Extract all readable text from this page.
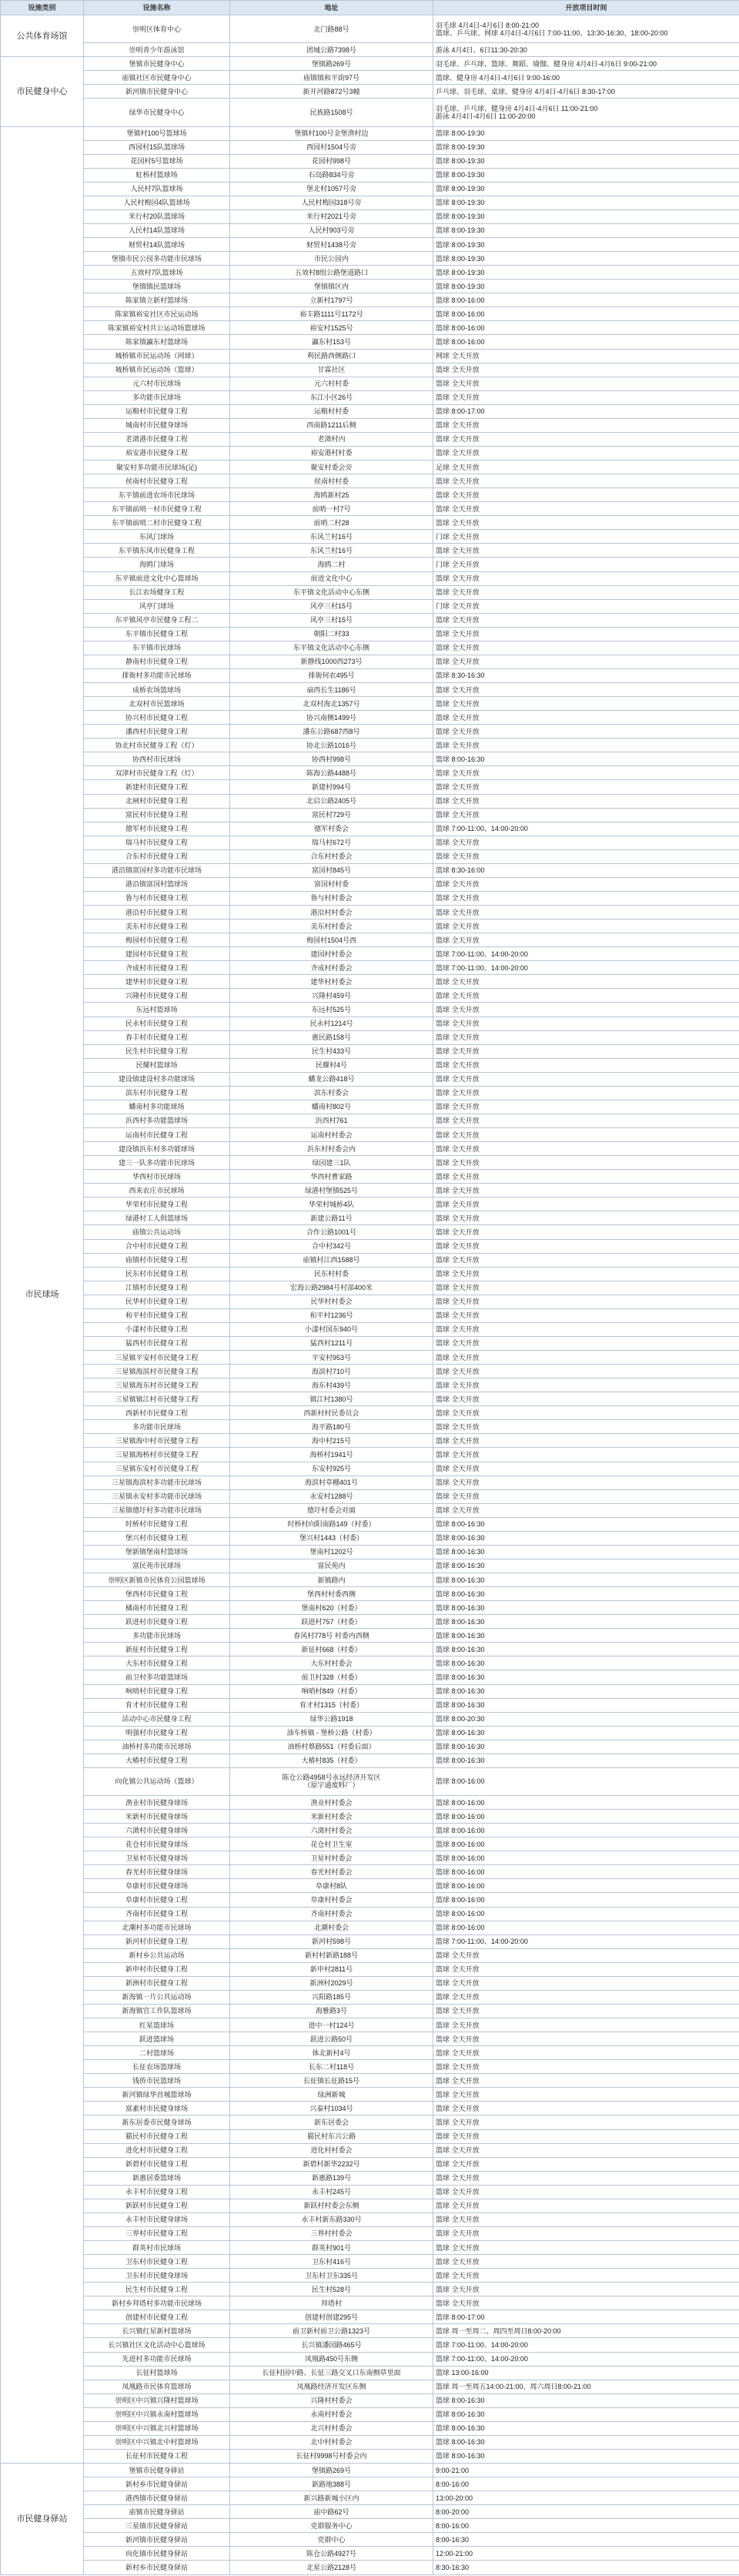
设施类别	设施名称	地址	开放项目时间
公共体育场馆	崇明区体育中心	北门路88号	羽毛球 4月4日-4月6日 8:00-21:00
篮球、乒乓球、网球 4月4日-4月6日 7:00-11:00、13:30-16:30、18:00-20:00
	崇明青少年游泳馆	团城公路7398号	游泳 4月4日、6日11:30-20:30
市民健身中心	堡镇市民健身中心	堡镇路269号	羽毛球、乒乓球、篮球、舞蹈、瑜伽、健身房 4月4日-4月6日 9:00-21:00
	庙镇社区市民健身中心	庙镇镇和平街97号	篮球、健身房 4月4日-4月6日 9:00-16:00
	新河镇市民健身中心	新开河路872号3幢	乒乓球、羽毛球、桌球、健身房 4月4日-4月6日 8:30-17:00
	绿华市民健身中心	民族路1508号	羽毛球、乒乓球、健身房 4月4日-4月6日 11:00-21:00
游泳 4月4日-4月6日 11:00-20:00
市民球场	堡镇村100号篮球场	堡镇村100号金堡渔村边	篮球 8:00-19:30
	西园村15队篮球场	西园村1504号旁	篮球 8:00-19:30
	花园村5号篮球场	花园村998号	篮球 8:00-19:30
	虹桥村篮球场	石岛路834号旁	篮球 8:00-19:30
	人民村7队篮球场	堡北村1057号旁	篮球 8:00-19:30
	人民村梅园4队篮球场	人民村梅园318号旁	篮球 8:00-19:30
	米行村20队篮球场	米行村2021号旁	篮球 8:00-19:30
	人民村14队篮球场	人民村903号旁	篮球 8:00-19:30
	财贸村14队篮球场	财贸村1438号旁	篮球 8:00-19:30
	堡镇市民公园多功能市民球场	市民公园内	篮球 8:00-19:30
	五效村7队篮球场	五效村8组公路堡道路口	篮球 8:00-19:30
	堡镇镇民篮球场	堡镇镇区内	篮球 8:00-19:30
	陈家镇立新村篮球场	立新村1797号	篮球 8:00-16:00
	陈家镇裕安社区市民运动场	裕丰路1111号1172号	篮球 8:00-16:00
	陈家镇裕安村共公运动场篮球场	裕安村1525号	篮球 8:00-16:00
	陈家镇瀛东村篮球场	瀛东村153号	篮球 8:00-16:00
	城桥镇市民运动场（网球）	利民路西侧路口	网球 全天开放
	城桥镇市民运动场（篮球）	甘霖社区	篮球 全天开放
	元六村市民球场	元六村村委	篮球 全天开放
	多功能市民球场	东江小区26号	篮球 全天开放
	运粮村市民健身工程	运粮村村委	篮球 8:00-17:00
	城南村市民健身球场	西南路1211后侧	篮球 全天开放
	老滧港市民健身工程	老滧村内	篮球 全天开放
	裕安港市民健身工程	裕安港村村委	篮球 全天开放
	聚安村多功能市民球场(足)	聚安村委会旁	足球 全天开放
	侯南村市民健身工程	侯南村村委	篮球 全天开放
	东平镇前进农场市民球场	海鸥新村25	篮球 全天开放
	东平镇前哨一村市民健身工程	前哨一村7号	篮球 全天开放
	东平镇前哨二村市民健身工程	前哨二村28	篮球 全天开放
	东风门球场	东风兰村16号	门球 全天开放
	东平镇东风市民健身工程	东风兰村16号	篮球 全天开放
	海鸥门球场	海鸥二村	门球 全天开放
	东平镇前进文化中心篮球场	前进文化中心	篮球 全天开放
	长江农场健身工程	东平镇文化活动中心东侧	篮球 全天开放
	风亭门球场	风亭三村15号	门球 全天开放
	东平镇风亭市民健身工程二	风亭三村15号	篮球 全天开放
	东平镇市民健身工程	朝阳二村33	篮球 全天开放
	东平镇市民球场	东平镇文化活动中心东侧	篮球 全天开放
	静南村市民健身工程	新静线1000西273号	篮球 全天开放
	排衙村多功能市民球场	排衙何农495号	篮球 8:30-16:30
	成桥农场篮球场	扇西长生1186号	篮球 全天开放
	北双村市民篮球场	北双村海北1357号	篮球 全天开放
	协兴村市民健身工程	协兴南侧1499号	篮球 全天开放
	潘西村市民健身工程	潘东公路687西8号	篮球 全天开放
	协北村市民健身工程（灯）	协北公路1016号	篮球 全天开放
	协西村市民球场	协西村998号	篮球 8:00-16:30
	双津村市民健身工程（灯）	陈海公路4488号	篮球 全天开放
	新建村市民健身工程	新建村994号	篮球 全天开放
	北闸村市民健身工程	北启公路2405号	篮球 全天开放
	富民村市民健身工程	富民村729号	篮球 全天开放
	德军村市民健身工程	德军村委会	篮球 7:00-11:00、14:00-20:00
	瑞马村市民健身工程	瑞马村672号	篮球 全天开放
	合东村市民健身工程	合东村村委会	篮球 全天开放
	港沿镇富国村多功能市民球场	富国村845号	篮球 8:30-16:00
	港沿镇富国村篮球场	富国村村委	篮球 全天开放
	鲁与村市民健身工程	鲁与村村委会	篮球 全天开放
	港沿村市民健身工程	港沿村村委会	篮球 全天开放
	美东村市民健身工程	美东村村委会	篮球 全天开放
	梅园村市民健身工程	梅园村1504号西	篮球 全天开放
	建园村市民健身工程	建园村村委会	篮球 7:00-11:00、14:00-20:00
	齐成村市民健身工程	齐成村村委会	篮球 7:00-11:00、14:00-20:00
	建华村市民健身工程	建华村村委会	篮球 全天开放
	兴隆村市民健身工程	兴隆村459号	篮球 全天开放
	东远村篮球场	东远村525号	篮球 全天开放
	民永村市民健身工程	民永村1214号	篮球 全天开放
	春丰村市民健身工程	惠民路158号	篮球 全天开放
	民生村市民健身工程	民生村433号	篮球 全天开放
	民耀村篮球场	民耀村4号	篮球 全天开放
	建设镇建设村多功能球场	蟠龙公路418号	篮球 全天开放
	滨东村市民健身工程	滨东村委会	篮球 全天开放
	蟠南村多功能球场	蟠南村802号	篮球 全天开放
	浜西村多功能篮球场	浜西村761	篮球 全天开放
	运南村市民健身工程	运南村村委会	篮球 全天开放
	建设镇浜东村多功能球场	浜东村村委会内	篮球 全天开放
	建三一队多功能市民球场	绿园建三1队	篮球 全天开放
	华西村市民球场	华西村曹家路	篮球 全天开放
	西来农庄市民球场	绿港村堡镇525号	篮球 全天开放
	华荣村市民健身工程	华荣村城桥4队	篮球 全天开放
	绿港村工人俱篮球场	新建公路11号	篮球 全天开放
	庙镇公共运动场	合作公路1001号	篮球 全天开放
	合中村市民健身工程	合中村342号	篮球 全天开放
	庙镇村市民健身工程	庙镇村江西1588号	篮球 全天开放
	民东村市民健身工程	民东村村委	篮球 全天开放
	江镇村市民健身工程	宏海公路2984号村部400米	篮球 全天开放
	民华村市民健身工程	民华村村委会	篮球 全天开放
	和平村市民健身工程	和平村1236号	篮球 全天开放
	小漾村市民健身工程	小漾村国东940号	篮球 全天开放
	猛西村市民健身工程	猛西村1211号	篮球 全天开放
	三星镇平安村市民健身工程	平安村953号	篮球 全天开放
	三星镇海滨村市民健身工程	海滨村710号	篮球 全天开放
	三星镇海东村市民健身工程	海东村439号	篮球 全天开放
	三星镇镇江村市民健身工程	镇江村1380号	篮球 全天开放
	西新村市民健身工程	西新村村民委员会	篮球 全天开放
	多功能市民球场	海平路180号	篮球 全天开放
	三星镇海中村市民健身工程	海中村215号	篮球 全天开放
	三星镇海桥村市民健身工程	海桥村1941号	篮球 全天开放
	三星镇东安村市民健身工程	东安村925号	篮球 全天开放
	三星镇海滨村多功能市民球场	海滨村草棚401号	篮球 全天开放
	三星镇永安村多功能市民球场	永安村1288号	篮球 全天开放
	三星镇德圩村多功能市民球场	德圩村委会对面	篮球 全天开放
	时桥村市民健身工程	时桥村向阳南路149（村委）	篮球 8:00-16:30
	堡兴村市民健身工程	堡兴村1443（村委）	篮球 8:00-16:30
	堡新镇堡南村篮球场	堡南村1202号	篮球 8:00-16:30
	富民苑市民球场	富民苑内	篮球 8:00-16:30
	崇明区新镇市民体育公园篮球场	新镇路内	篮球 8:00-16:30
	堡西村市民健身工程	堡西村村委西侧	篮球 8:00-16:30
	橘南村市民健身工程	堡南村620（村委）	篮球 8:00-16:30
	跃进村市民健身工程	跃进村757（村委）	篮球 8:00-16:30
	多功能市民球场	春风村778号 村委内西侧	篮球 8:00-16:30
	新征村市民健身工程	新征村668（村委）	篮球 8:00-16:30
	大东村市民健身工程	大东村村委会	篮球 8:00-16:30
	前卫村多功能篮球场	前卫村328（村委）	篮球 8:00-16:30
	响哨村市民健身工程	响哨村849（村委）	篮球 8:00-16:30
	育才村市民健身工程	育才村1315（村委）	篮球 8:00-16:30
	活动中心市民健身工程	绿华公路1918	篮球 8:00-20:30
	明强村市民健身工程	油车桥镇 - 堡桥公路（村委）	篮球 8:00-16:30
	油桥村多功能市民球场	油桥村蔡路551（村委后面）	篮球 8:00-16:30
	大椿村市民健身工程	大椿村835（村委）	篮球 8:00-16:30
	向化镇公共运动场（篮球）	陈仓公路4958号永远经济开发区
（原宇通废料厂）	篮球 8:00-16:00
	渔业村市民健身球场	渔业村村委会	篮球 8:00-16:00
	米新村市民健身球场	米新村村委会	篮球 8:00-16:00
	六滧村市民健身球场	六滧村村委会	篮球 8:00-16:00
	花仓村市民健身球场	花仓村卫生室	篮球 8:00-16:00
	卫星村市民健身球场	卫星村村委会	篮球 8:00-16:00
	春光村市民健身球场	春光村村委会	篮球 8:00-16:00
	阜康村市民健身球场	阜康村8队	篮球 8:00-16:00
	阜康村市民健身工程	阜康村村委会	篮球 8:00-16:00
	齐南村市民健身工程	齐南村村委会	篮球 8:00-16:00
	北潮村多功能市民球场	北潮村委会	篮球 8:00-16:00
	新河村市民健身工程	新河村598号	篮球 7:00-11:00、14:00-20:00
	新村乡公共运动场	新村村新路188号	篮球 全天开放
	新申村市民健身工程	新申村2811号	篮球 全天开放
	新洲村市民健身工程	新洲村2029号	篮球 全天开放
	新海镇一片公共运动场	兴阳路185号	篮球 全天开放
	新海镇官工作队篮球场	海雅路3号	篮球 全天开放
	红星篮球场	进中一村124号	篮球 全天开放
	跃进篮球场	跃进公路50号	篮球 全天开放
	二村篮球场	体北新村4号	篮球 全天开放
	长征农场篮球场	长东二村118号	篮球 全天开放
	钱侨市民篮球场	长征镇长征路15号	篮球 全天开放
	新河镇绿华首城篮球场	绿洲新城	篮球 全天开放
	富素村市民健身球场	兴泰村1034号	篮球 全天开放
	新东居委市民健身球场	新东居委会	篮球 全天开放
	猫民村市民健身工程	猫民村东兴公路	篮球 全天开放
	进化村市民健身工程	进化村村委会	篮球 全天开放
	新碧村市民健身工程	新碧村新华2232号	篮球 全天开放
	新惠居委篮球场	新惠路139号	篮球 全天开放
	永丰村市民健身工程	永丰村245号	篮球 全天开放
	新跃村市民健身工程	新跃村村委会东侧	篮球 全天开放
	永丰村市民健身球场	永丰村新东路330号	篮球 全天开放
	三界村市民健身工程	三界村村委会	篮球 全天开放
	群英村市民球场	群英村901号	篮球 全天开放
	卫东村市民健身工程	卫东村416号	篮球 全天开放
	卫东村市民健身球场	卫东村卫东335号	篮球 全天开放
	民生村市民健身工程	民生村528号	篮球 全天开放
	新村乡拜塔村多功能市民球场	拜塔村	篮球 全天开放
	创建村市民健身工程	创建村创建295号	篮球 8:00-17:00
	长兴镇红星新村篮球场	前卫新村前卫公路1323号	篮球 周一至周二、周四至周日8:00-20:00
	长兴镇社区文化活动中心篮球场	长兴镇潘园路465号	篮球 7:00-11:00、14:00-20:00
	先进村多功能市民球场	凤凰路450号东侧	篮球 7:00-11:00、14:00-20:00
	长征村篮球场	长征村园中路、长征三路交叉口东南侧草里面	篮球 13:00-16:00
	凤凰路市民体育篮球场	凤凰路经济开发区东侧	篮球 周一至周五14:00-21:00、周六周日8:00-21:00
	崇明区中兴镇兴隆村篮球场	兴隆村村委会	篮球 8:00-16:30
	崇明区中兴镇永南村篮球场	永南村村委会	篮球 8:00-16:30
	崇明区中兴镇北兴村篮球场	北兴村村委会	篮球 8:00-16:30
	崇明区中兴镇北中村篮球场	北中村村委会	篮球 8:00-16:30
	长征村市民健身工程	长征村9998号村委会内	篮球 8:00-16:30
市民健身驿站	堡镇市民健身驿站	堡镇路269号	9:00-21:00
	新村乡市民健身驿站	新路地388号	8:00-16:00
	港西镇市民健身驿站	新兴路新城小区内	13:00-20:00
	庙镇市民健身驿站	庙中路62号	8:00-20:00
	三星镇市民健身驿站	党群服务中心	8:00-16:00
	新河镇市民健身驿站	党群中心	8:00-16:30
	向化镇市民健身驿站	陈仓公路4927号	12:00-21:00
	新村乡市民健身驿站	北星公路2128号	8:30-16:30
